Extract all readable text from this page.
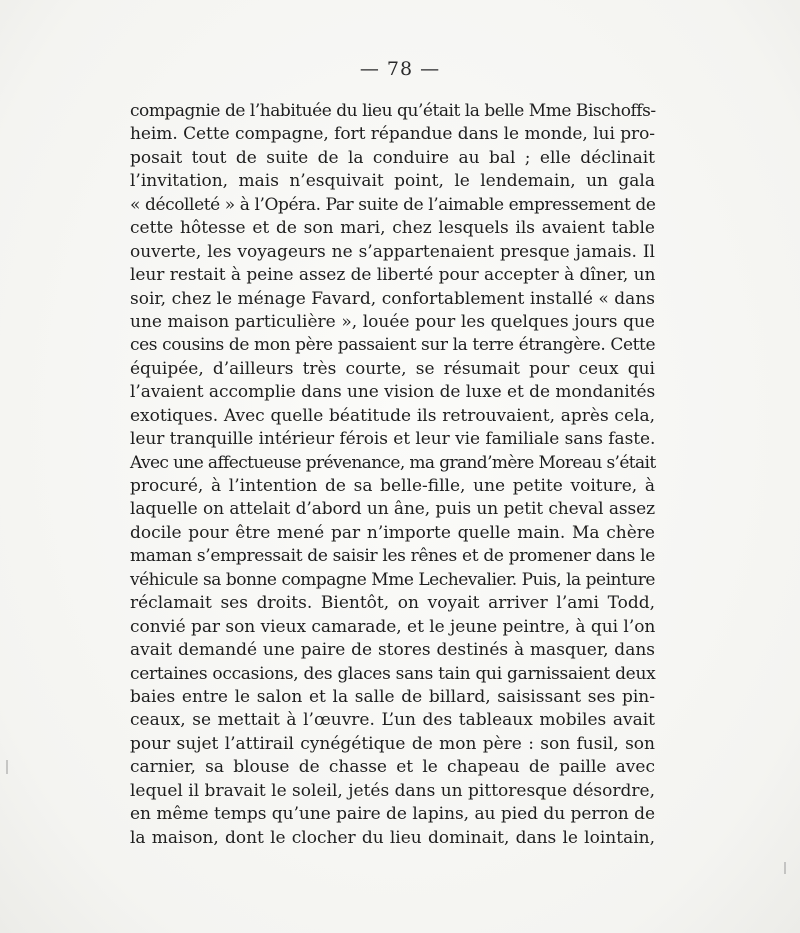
— 78 —
compagnie de l’habituée du lieu qu’était la belle Mme Bischoffs-
heim. Cette compagne, fort répandue dans le monde, lui pro-
posait tout de suite de la conduire au bal ; elle déclinait
l’invitation, mais n’esquivait point, le lendemain, un gala
« décolleté » à l’Opéra. Par suite de l’aimable empressement de
cette hôtesse et de son mari, chez lesquels ils avaient table
ouverte, les voyageurs ne s’appartenaient presque jamais. Il
leur restait à peine assez de liberté pour accepter à dîner, un
soir, chez le ménage Favard, confortablement installé « dans
une maison particulière », louée pour les quelques jours que
ces cousins de mon père passaient sur la terre étrangère. Cette
équipée, d’ailleurs très courte, se résumait pour ceux qui
l’avaient accomplie dans une vision de luxe et de mondanités
exotiques. Avec quelle béatitude ils retrouvaient, après cela,
leur tranquille intérieur férois et leur vie familiale sans faste.
Avec une affectueuse prévenance, ma grand’mère Moreau s’était
procuré, à l’intention de sa belle-fille, une petite voiture, à
laquelle on attelait d’abord un âne, puis un petit cheval assez
docile pour être mené par n’importe quelle main. Ma chère
maman s’empressait de saisir les rênes et de promener dans le
véhicule sa bonne compagne Mme Lechevalier. Puis, la peinture
réclamait ses droits. Bientôt, on voyait arriver l’ami Todd,
convié par son vieux camarade, et le jeune peintre, à qui l’on
avait demandé une paire de stores destinés à masquer, dans
certaines occasions, des glaces sans tain qui garnissaient deux
baies entre le salon et la salle de billard, saisissant ses pin-
ceaux, se mettait à l’œuvre. L’un des tableaux mobiles avait
pour sujet l’attirail cynégétique de mon père : son fusil, son
carnier, sa blouse de chasse et le chapeau de paille avec
lequel il bravait le soleil, jetés dans un pittoresque désordre,
en même temps qu’une paire de lapins, au pied du perron de
la maison, dont le clocher du lieu dominait, dans le lointain,
